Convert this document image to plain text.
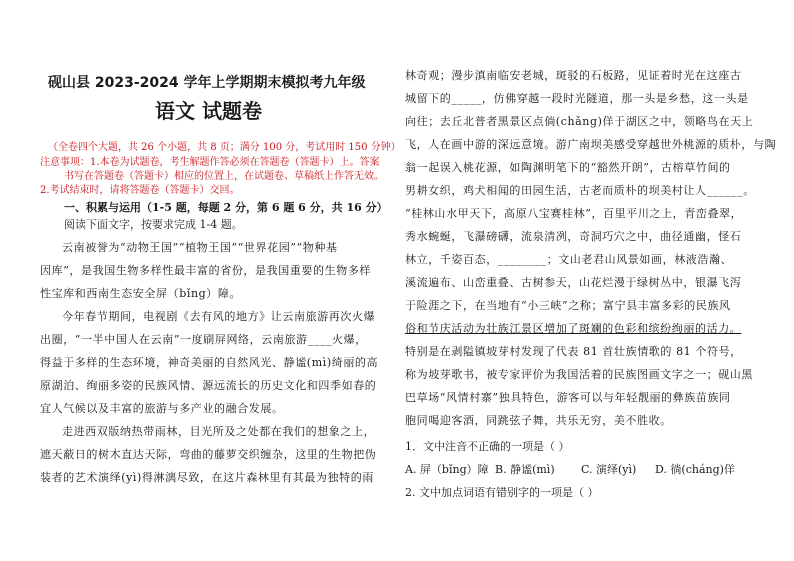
砚山县 2023-2024 学年上学期期末模拟考九年级
语文 试题卷
（全卷四个大题，共 26 个小题，共 8 页；满分 100 分，考试用时 150 分钟）
注意事项：1.本卷为试题卷，考生解题作答必须在答题卷（答题卡）上。答案
书写在答题卷（答题卡）相应的位置上，在试题卷、草稿纸上作答无效。
2.考试结束时，请将答题卷（答题卡）交回。
一、积累与运用（1-5 题，每题 2 分，第 6 题 6 分，共 16 分）
阅读下面文字，按要求完成 1-4 题。
云南被誉为“动物王国”“植物王国”“世界花园”“物种基
因库”，是我国生物多样性最丰富的省份，是我国重要的生物多样
性宝库和西南生态安全屏（bǐng）障。
今年春节期间，电视剧《去有风的地方》让云南旅游再次火爆
出圈，“一半中国人在云南”一度刷屏网络，云南旅游____火爆，
得益于多样的生态环境，神奇美丽的自然风光、静谧(mì)绮丽的高
原湖泊、绚丽多姿的民族风情、源远流长的历史文化和四季如春的
宜人气候以及丰富的旅游与多产业的融合发展。
走进西双版纳热带雨林，目光所及之处都在我们的想象之上，
遮天蔽日的树木直达天际，弯曲的藤萝交织缠杂，这里的生物把伪
装者的艺术演绎(yì)得淋漓尽致，在这片森林里有其最为独特的雨
林奇观；漫步滇南临安老城，斑驳的石板路，见证着时光在这座古
城留下的_____，仿佛穿越一段时光隧道，那一头是乡愁，这一头是
向往；去丘北普者黑景区点倘(chǎng)佯于湖区之中，领略鸟在天上
飞，人在画中游的深远意境。游广南坝美感受穿越世外桃源的质朴，与陶
翁一起误入桃花源，如陶渊明笔下的“豁然开朗”，古榕草竹间的
男耕女织，鸡犬相闻的田园生活，古老而质朴的坝美村让人______。
“桂林山水甲天下，高原八宝赛桂林”，百里平川之上，青峦叠翠，
秀水蜿蜒，飞瀑磅礴，流泉清冽，奇洞巧穴之中，曲径通幽，怪石
林立，千姿百态，________；文山老君山风景如画，林液浩瀚、
溪流遍布、山峦重叠、古树参天，山花烂漫于绿树丛中，银瀑飞泻
于险涯之下，在当地有“小三峡”之称；富宁县丰富多彩的民族风
俗和节庆活动为壮族江景区增加了斑斓的色彩和缤纷绚丽的活力。
特别是在剥隘镇坡芽村发现了代表 81 首壮族情歌的 81 个符号，
称为坡芽歌书，被专家评价为我国活着的民族图画文字之一；砚山黑
巴草场“风情村寨”独具特色，游客可以与年轻靓丽的彝族苗族同
胞同喝迎客酒，同跳弦子舞，共乐无穷，美不胜收。
1．文中注音不正确的一项是（ ）
A. 屏（bǐng）障 B. 静谧(mì) C. 演绎(yì) D. 徜(cháng)佯
2. 文中加点词语有错别字的一项是（ ）
